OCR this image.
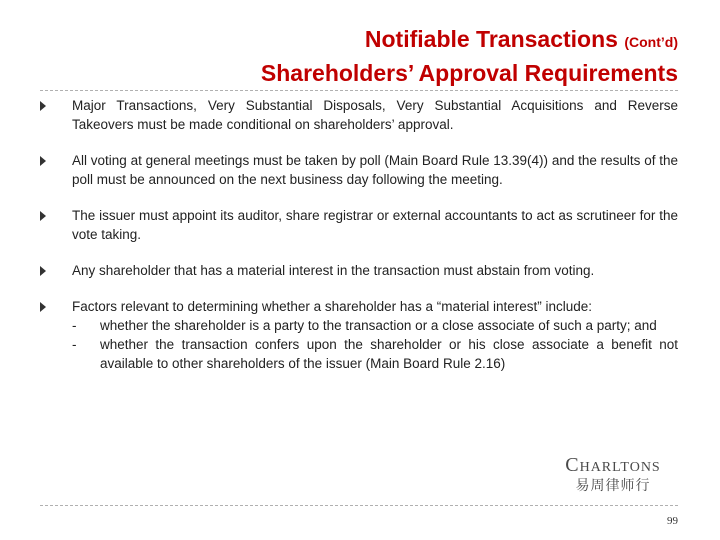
Notifiable Transactions (Cont’d)
Shareholders’ Approval Requirements
Major Transactions, Very Substantial Disposals, Very Substantial Acquisitions and Reverse Takeovers must be made conditional on shareholders’ approval.
All voting at general meetings must be taken by poll (Main Board Rule 13.39(4)) and the results of the poll must be announced on the next business day following the meeting.
The issuer must appoint its auditor, share registrar or external accountants to act as scrutineer for the vote taking.
Any shareholder that has a material interest in the transaction must abstain from voting.
Factors relevant to determining whether a shareholder has a “material interest” include:
- whether the shareholder is a party to the transaction or a close associate of such a party; and
- whether the transaction confers upon the shareholder or his close associate a benefit not available to other shareholders of the issuer (Main Board Rule 2.16)
Charltons
易周律师行
99
